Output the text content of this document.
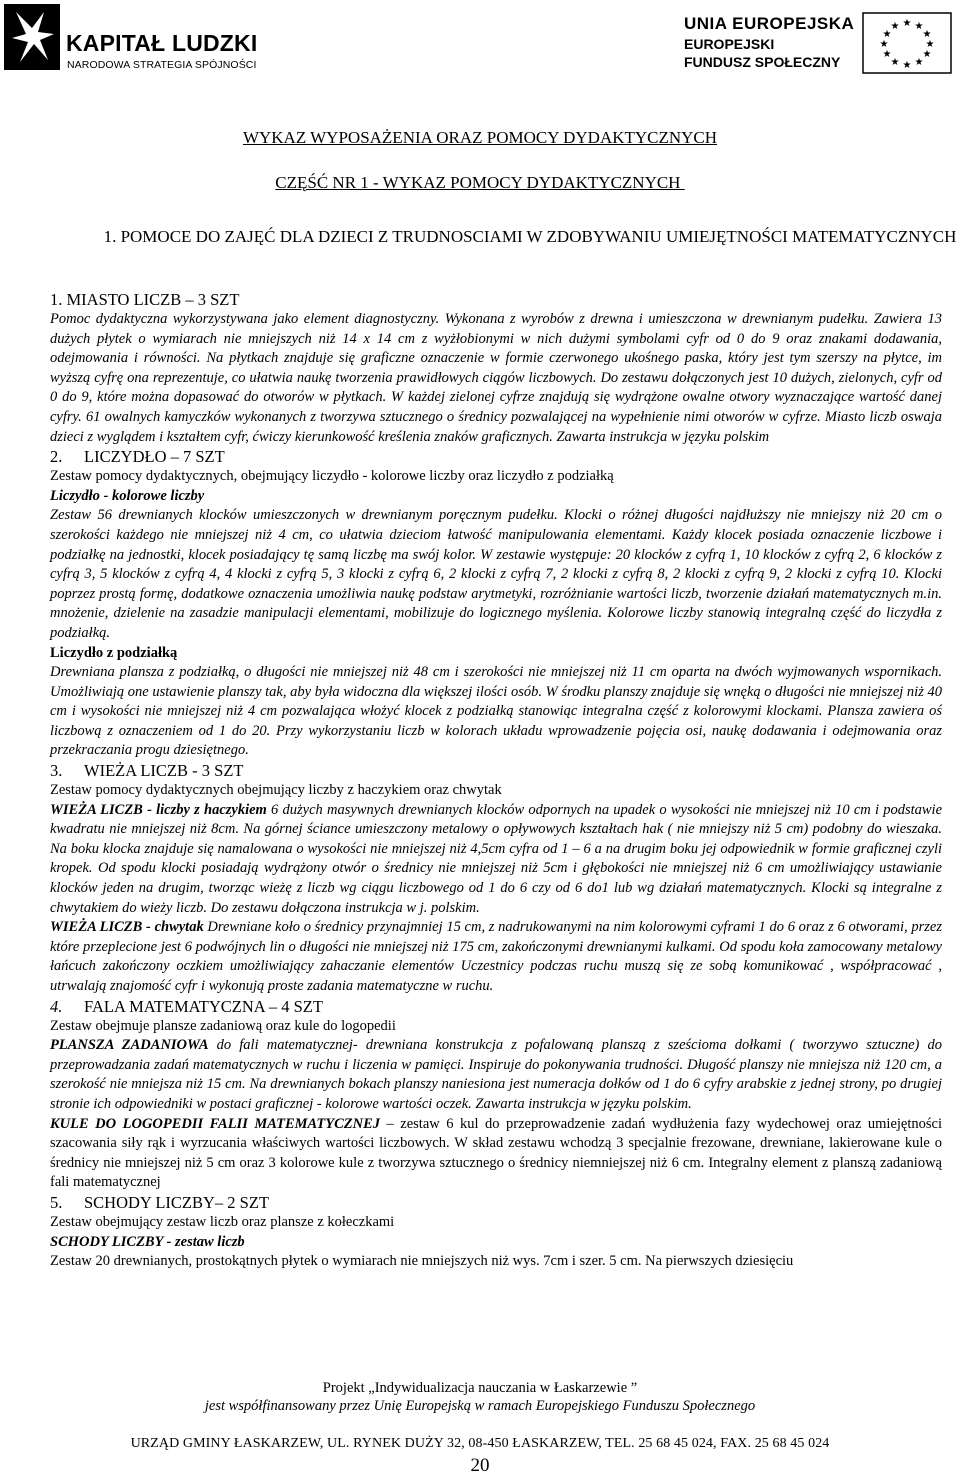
KAPITAŁ LUDZKI
NARODOWA STRATEGIA SPÓJNOŚCI
UNIA EUROPEJSKA
EUROPEJSKI
FUNDUSZ SPOŁECZNY
★ ★
★
★
★
★
★
★
★
★
★
★
WYKAZ WYPOSAŻENIA ORAZ POMOCY DYDAKTYCZNYCH
CZĘŚĆ NR 1 - WYKAZ POMOCY DYDAKTYCZNYCH
1. POMOCE DO ZAJĘĆ DLA DZIECI Z TRUDNOSCIAMI W ZDOBYWANIU UMIEJĘTNOŚCI MATEMATYCZNYCH

1. MIASTO LICZB – 3 SZT

Pomoc dydaktyczna wykorzystywana jako element diagnostyczny. Wykonana z wyrobów z drewna i umieszczona w drewnianym pudełku. Zawiera 13 dużych płytek o wymiarach nie mniejszych niż 14 x 14 cm z wyżłobionymi w nich dużymi symbolami cyfr od 0 do 9 oraz znakami dodawania, odejmowania i równości. Na płytkach znajduje się graficzne oznaczenie w formie czerwonego ukośnego paska, który jest tym szerszy na płytce, im wyższą cyfrę ona reprezentuje, co ułatwia naukę tworzenia prawidłowych ciągów liczbowych. Do zestawu dołączonych jest 10 dużych, zielonych, cyfr od 0 do 9, które można dopasować do otworów w płytkach. W każdej zielonej cyfrze znajdują się wydrążone owalne otwory wyznaczające wartość danej cyfry. 61 owalnych kamyczków wykonanych z tworzywa sztucznego o średnicy pozwalającej na wypełnienie nimi otworów w cyfrze. Miasto liczb oswaja dzieci z wyglądem i kształtem cyfr, ćwiczy kierunkowość kreślenia znaków graficznych. Zawarta instrukcja w języku polskim

2. LICZYDŁO – 7 SZT

Zestaw pomocy dydaktycznych, obejmujący liczydło - kolorowe liczby oraz liczydło z podziałką

Liczydło - kolorowe liczby

Zestaw 56 drewnianych klocków umieszczonych w drewnianym poręcznym pudełku. Klocki o różnej długości najdłuższy nie mniejszy niż 20 cm o szerokości każdego nie mniejszej niż 4 cm, co ułatwia dzieciom łatwość manipulowania elementami. Każdy klocek posiada oznaczenie liczbowe i podziałkę na jednostki, klocek posiadający tę samą liczbę ma swój kolor. W zestawie występuje: 20 klocków z cyfrą 1, 10 klocków z cyfrą 2, 6 klocków z cyfrą 3, 5 klocków z cyfrą 4, 4 klocki z cyfrą 5, 3 klocki z cyfrą 6, 2 klocki z cyfrą 7, 2 klocki z cyfrą 8, 2 klocki z cyfrą 9, 2 klocki z cyfrą 10. Klocki poprzez prostą formę, dodatkowe oznaczenia umożliwia naukę podstaw arytmetyki, rozróżnianie wartości liczb, tworzenie działań matematycznych m.in. mnożenie, dzielenie na zasadzie manipulacji elementami, mobilizuje do logicznego myślenia. Kolorowe liczby stanowią integralną część do liczydła z podziałką.

Liczydło z podziałką

Drewniana plansza z podziałką, o długości nie mniejszej niż 48 cm i szerokości nie mniejszej niż 11 cm oparta na dwóch wyjmowanych wspornikach. Umożliwiają one ustawienie planszy tak, aby była widoczna dla większej ilości osób. W środku planszy znajduje się wnęką o długości nie mniejszej niż 40 cm i wysokości nie mniejszej niż 4 cm pozwalająca włożyć klocek z podziałką stanowiąc integralna część z kolorowymi klockami. Plansza zawiera oś liczbową z oznaczeniem od 1 do 20. Przy wykorzystaniu liczb w kolorach układu wprowadzenie pojęcia osi, naukę dodawania i odejmowania oraz przekraczania progu dziesiętnego.

3. WIEŻA LICZB - 3 SZT

Zestaw pomocy dydaktycznych obejmujący liczby z haczykiem oraz chwytak

WIEŻA LICZB - liczby z haczykiem 6 dużych masywnych drewnianych klocków odpornych na upadek o wysokości nie mniejszej niż 10 cm i podstawie kwadratu nie mniejszej niż 8cm. Na górnej ściance umieszczony metalowy o opływowych kształtach hak ( nie mniejszy niż 5 cm) podobny do wieszaka. Na boku klocka znajduje się namalowana o wysokości nie mniejszej niż 4,5cm cyfra od 1 – 6 a na drugim boku jej odpowiednik w formie graficznej czyli kropek. Od spodu klocki posiadają wydrążony otwór o średnicy nie mniejszej niż 5cm i głębokości nie mniejszej niż 6 cm umożliwiający ustawianie klocków jeden na drugim, tworząc wieżę z liczb wg ciągu liczbowego od 1 do 6 czy od 6 do1 lub wg działań matematycznych. Klocki są integralne z chwytakiem do wieży liczb. Do zestawu dołączona instrukcja w j. polskim.

WIEŻA LICZB - chwytak Drewniane koło o średnicy przynajmniej 15 cm, z nadrukowanymi na nim kolorowymi cyframi 1 do 6 oraz z 6 otworami, przez które przeplecione jest 6 podwójnych lin o długości nie mniejszej niż 175 cm, zakończonymi drewnianymi kulkami. Od spodu koła zamocowany metalowy łańcuch zakończony oczkiem umożliwiający zahaczanie elementów Uczestnicy podczas ruchu muszą się ze sobą komunikować , współpracować , utrwalają znajomość cyfr i wykonują proste zadania matematyczne w ruchu.

4. FALA MATEMATYCZNA – 4 SZT

Zestaw obejmuje plansze zadaniową oraz kule do logopedii

PLANSZA ZADANIOWA do fali matematycznej- drewniana konstrukcja z pofalowaną planszą z sześcioma dołkami ( tworzywo sztuczne) do przeprowadzania zadań matematycznych w ruchu i liczenia w pamięci. Inspiruje do pokonywania trudności. Długość planszy nie mniejsza niż 120 cm, a szerokość nie mniejsza niż 15 cm. Na drewnianych bokach planszy naniesiona jest numeracja dołków od 1 do 6 cyfry arabskie z jednej strony, po drugiej stronie ich odpowiedniki w postaci graficznej - kolorowe wartości oczek. Zawarta instrukcja w języku polskim.

KULE DO LOGOPEDII FALII MATEMATYCZNEJ – zestaw 6 kul do przeprowadzenie zadań wydłużenia fazy wydechowej oraz umiejętności szacowania siły rąk i wyrzucania właściwych wartości liczbowych. W skład zestawu wchodzą 3 specjalnie frezowane, drewniane, lakierowane kule o średnicy nie mniejszej niż 5 cm oraz 3 kolorowe kule z tworzywa sztucznego o średnicy niemniejszej niż 6 cm. Integralny element z planszą zadaniową fali matematycznej

5. SCHODY LICZBY– 2 SZT

Zestaw obejmujący zestaw liczb oraz plansze z kołeczkami

SCHODY LICZBY - zestaw liczb

Zestaw 20 drewnianych, prostokątnych płytek o wymiarach nie mniejszych niż wys. 7cm i szer. 5 cm. Na pierwszych dziesięciu

Projekt „Indywidualizacja nauczania w Łaskarzewie ”
jest współfinansowany przez Unię Europejską w ramach Europejskiego Funduszu Społecznego
URZĄD GMINY ŁASKARZEW, UL. RYNEK DUŻY 32, 08-450 ŁASKARZEW, TEL. 25 68 45 024, FAX. 25 68 45 024
20
